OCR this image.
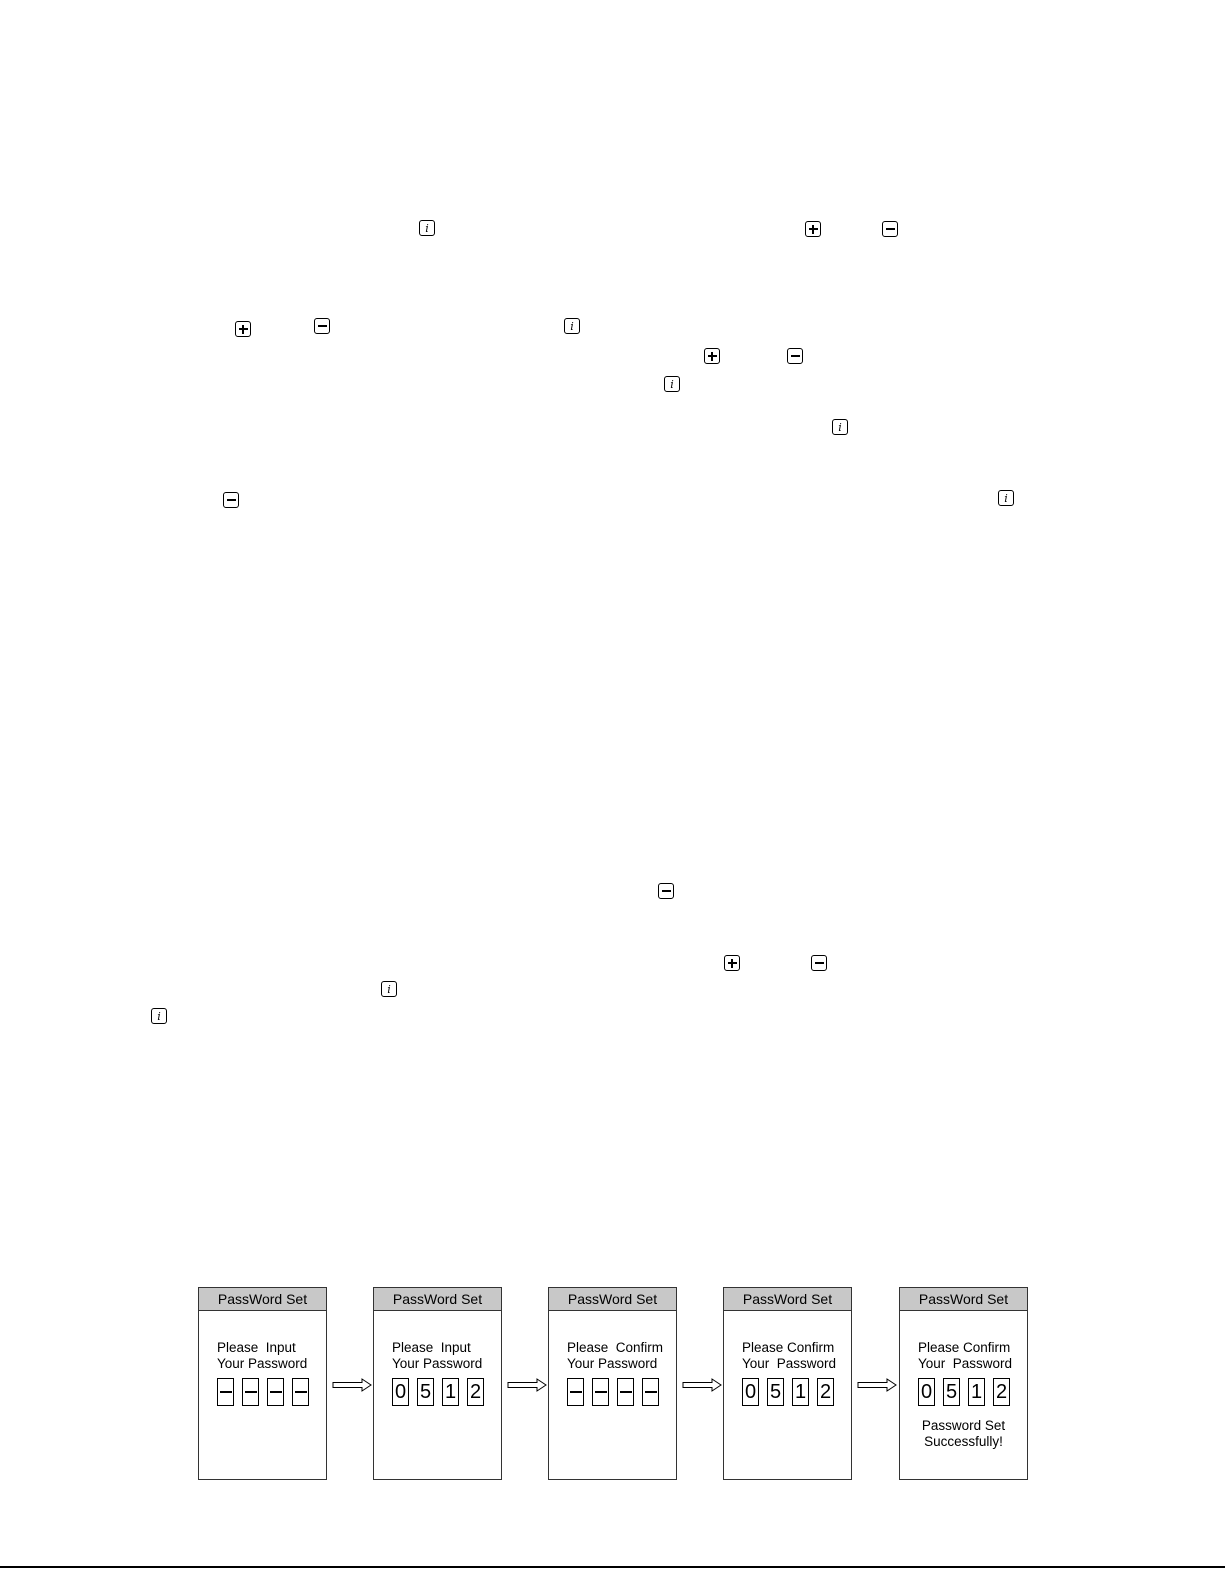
i
i
i
i
i
i
i
PassWord Set
Please  Input
Your Password
PassWord Set
Please  Input
Your Password
0 5 1 2
PassWord Set
Please  Confirm
Your Password
PassWord Set
Please Confirm
Your  Password
0 5 1 2
PassWord Set
Please Confirm
Your  Password
0 5 1 2
Password Set
Successfully!
